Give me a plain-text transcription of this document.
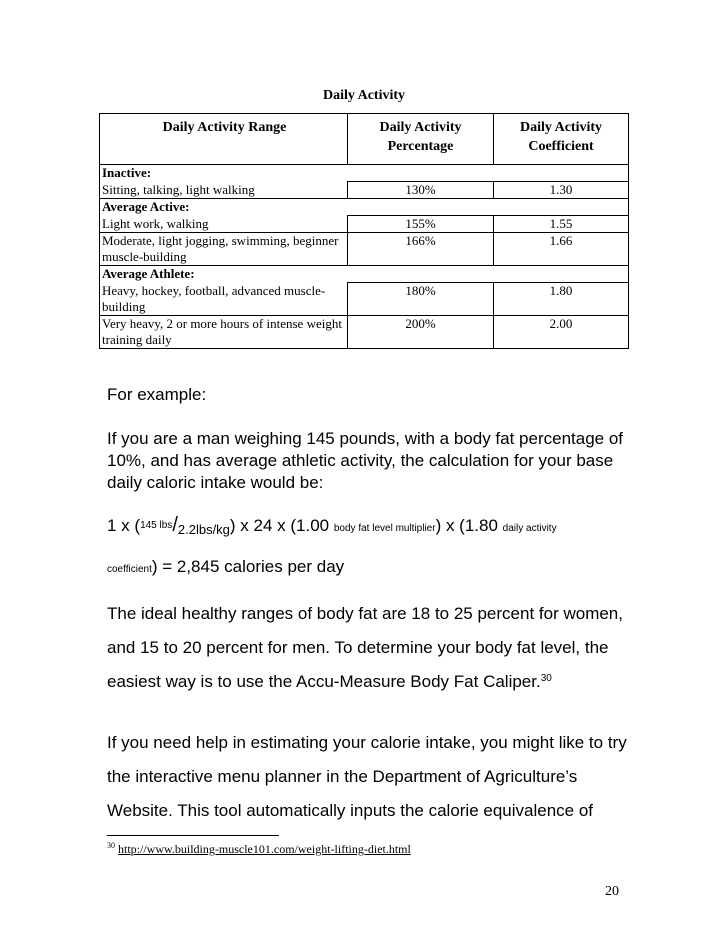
Daily Activity
Daily Activity Range	Daily Activity Percentage	Daily Activity Coefficient

Inactive:		

Sitting, talking, light walking	130%	1.30

Average Active:		

Light work, walking	155%	1.55
Moderate, light jogging, swimming, beginner muscle-building	166%	1.66

Average Athlete:		

Heavy, hockey, football, advanced muscle-building	180%	1.80
Very heavy, 2 or more hours of intense weight training daily	200%	2.00
For example:
If you are a man weighing 145 pounds, with a body fat percentage of 10%, and has average athletic activity, the calculation for your base daily caloric intake would be:
1 x ($^{145 lbs}$/2.2lbs/kg) x 24 x (1.00 body fat level multiplier) x (1.80 daily activity
coefficient) = 2,845 calories per day
The ideal healthy ranges of body fat are 18 to 25 percent for women, and 15 to 20 percent for men. To determine your body fat level, the easiest way is to use the Accu-Measure Body Fat Caliper.$^{30}$
If you need help in estimating your calorie intake, you might like to try the interactive menu planner in the Department of Agriculture’s Website. This tool automatically inputs the calorie equivalence of
$^{30}$ http://www.building-muscle101.com/weight-lifting-diet.html
20
